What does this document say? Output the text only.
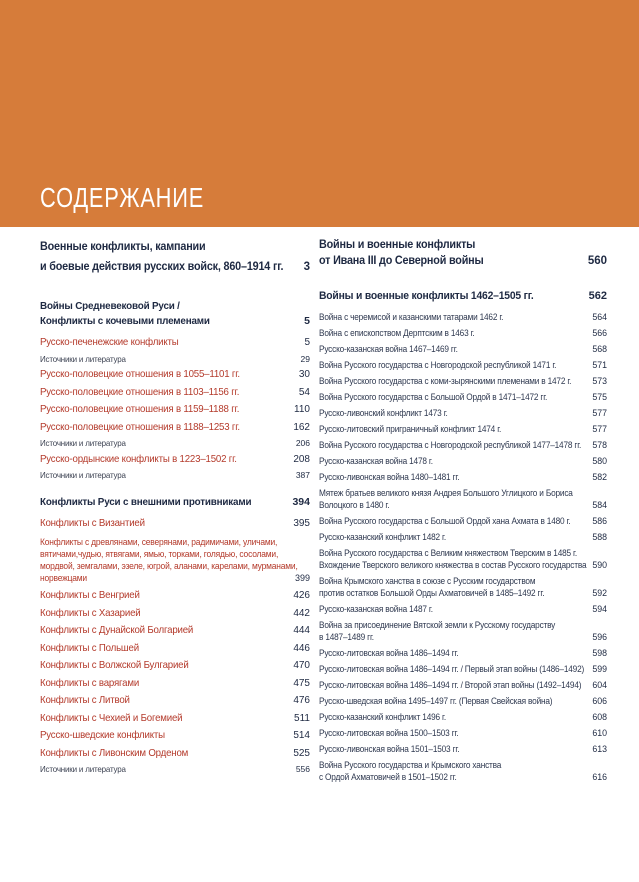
СОДЕРЖАНИЕ
Военные конфликты, кампании
и боевые действия русских войск, 860–1914 гг. 3
Войны Средневековой Руси /
Конфликты с кочевыми племенами	5
Русско-печенежские конфликты	5
Источники и литература	29
Русско-половецкие отношения в 1055–1101 гг.	30
Русско-половецкие отношения в 1103–1156 гг.	54
Русско-половецкие отношения в 1159–1188 гг.	110
Русско-половецкие отношения в 1188–1253 гг.	162
Источники и литература	206
Русско-ордынские конфликты в 1223–1502 гг.	208
Источники и литература	387
Конфликты Руси с внешними противниками	394
Конфликты с Византией	395
Конфликты с древлянами, северянами, радимичами, уличами,
вятичами,чудью, ятвягами, ямью, торками, голядью, сосолами,
мордвой, земгалами, эзеле, югрой, аланами, карелами, мурманами,
норвежцами	399
Конфликты с Венгрией	426
Конфликты с Хазарией	442
Конфликты с Дунайской Болгарией	444
Конфликты с Польшей	446
Конфликты с Волжской Булгарией	470
Конфликты с варягами	475
Конфликты с Литвой	476
Конфликты с Чехией и Богемией	511
Русско-шведские конфликты	514
Конфликты с Ливонским Орденом	525
Источники и литература	556
Войны и военные конфликты
от Ивана III до Северной войны	560
Войны и военные конфликты 1462–1505 гг.	562
Война с черемисой и казанскими татарами 1462 г.	564
Война с епископством Дерптским в 1463 г.	566
Русско-казанская война 1467–1469 гг.	568
Война Русского государства с Новгородской республикой 1471 г.	571
Война Русского государства с коми-зырянскими племенами в 1472 г. 573
Война Русского государства с Большой Ордой в 1471–1472 гг.	575
Русско-ливонский конфликт 1473 г.	577
Русско-литовский приграничный конфликт 1474 г.	577
Война Русского государства с Новгородской республикой 1477–1478 гг. 578
Русско-казанская война 1478 г.	580
Русско-ливонская война 1480–1481 гг.	582
Мятеж братьев великого князя Андрея Большого Углицкого и Бориса
Волоцкого в 1480 г.	584
Война Русского государства с Большой Ордой хана Ахмата в 1480 г. 586
Русско-казанский конфликт 1482 г.	588
Война Русского государства с Великим княжеством Тверским в 1485 г.
Вхождение Тверского великого княжества в состав Русского государства 590
Война Крымского ханства в союзе с Русским государством
против остатков Большой Орды Ахматовичей в 1485–1492 гг.	592
Русско-казанская война 1487 г.	594
Война за присоединение Вятской земли к Русскому государству
в 1487–1489 гг.	596
Русско-литовская война 1486–1494 гг.	598
Русско-литовская война 1486–1494 гг. / Первый этап войны (1486–1492) 599
Русско-литовская война 1486–1494 гг. / Второй этап войны (1492–1494) 604
Русско-шведская война 1495–1497 гг. (Первая Свейская война)	606
Русско-казанский конфликт 1496 г.	608
Русско-литовская война 1500–1503 гг.	610
Русско-ливонская война 1501–1503 гг.	613
Война Русского государства и Крымского ханства
с Ордой Ахматовичей в 1501–1502 гг.	616
